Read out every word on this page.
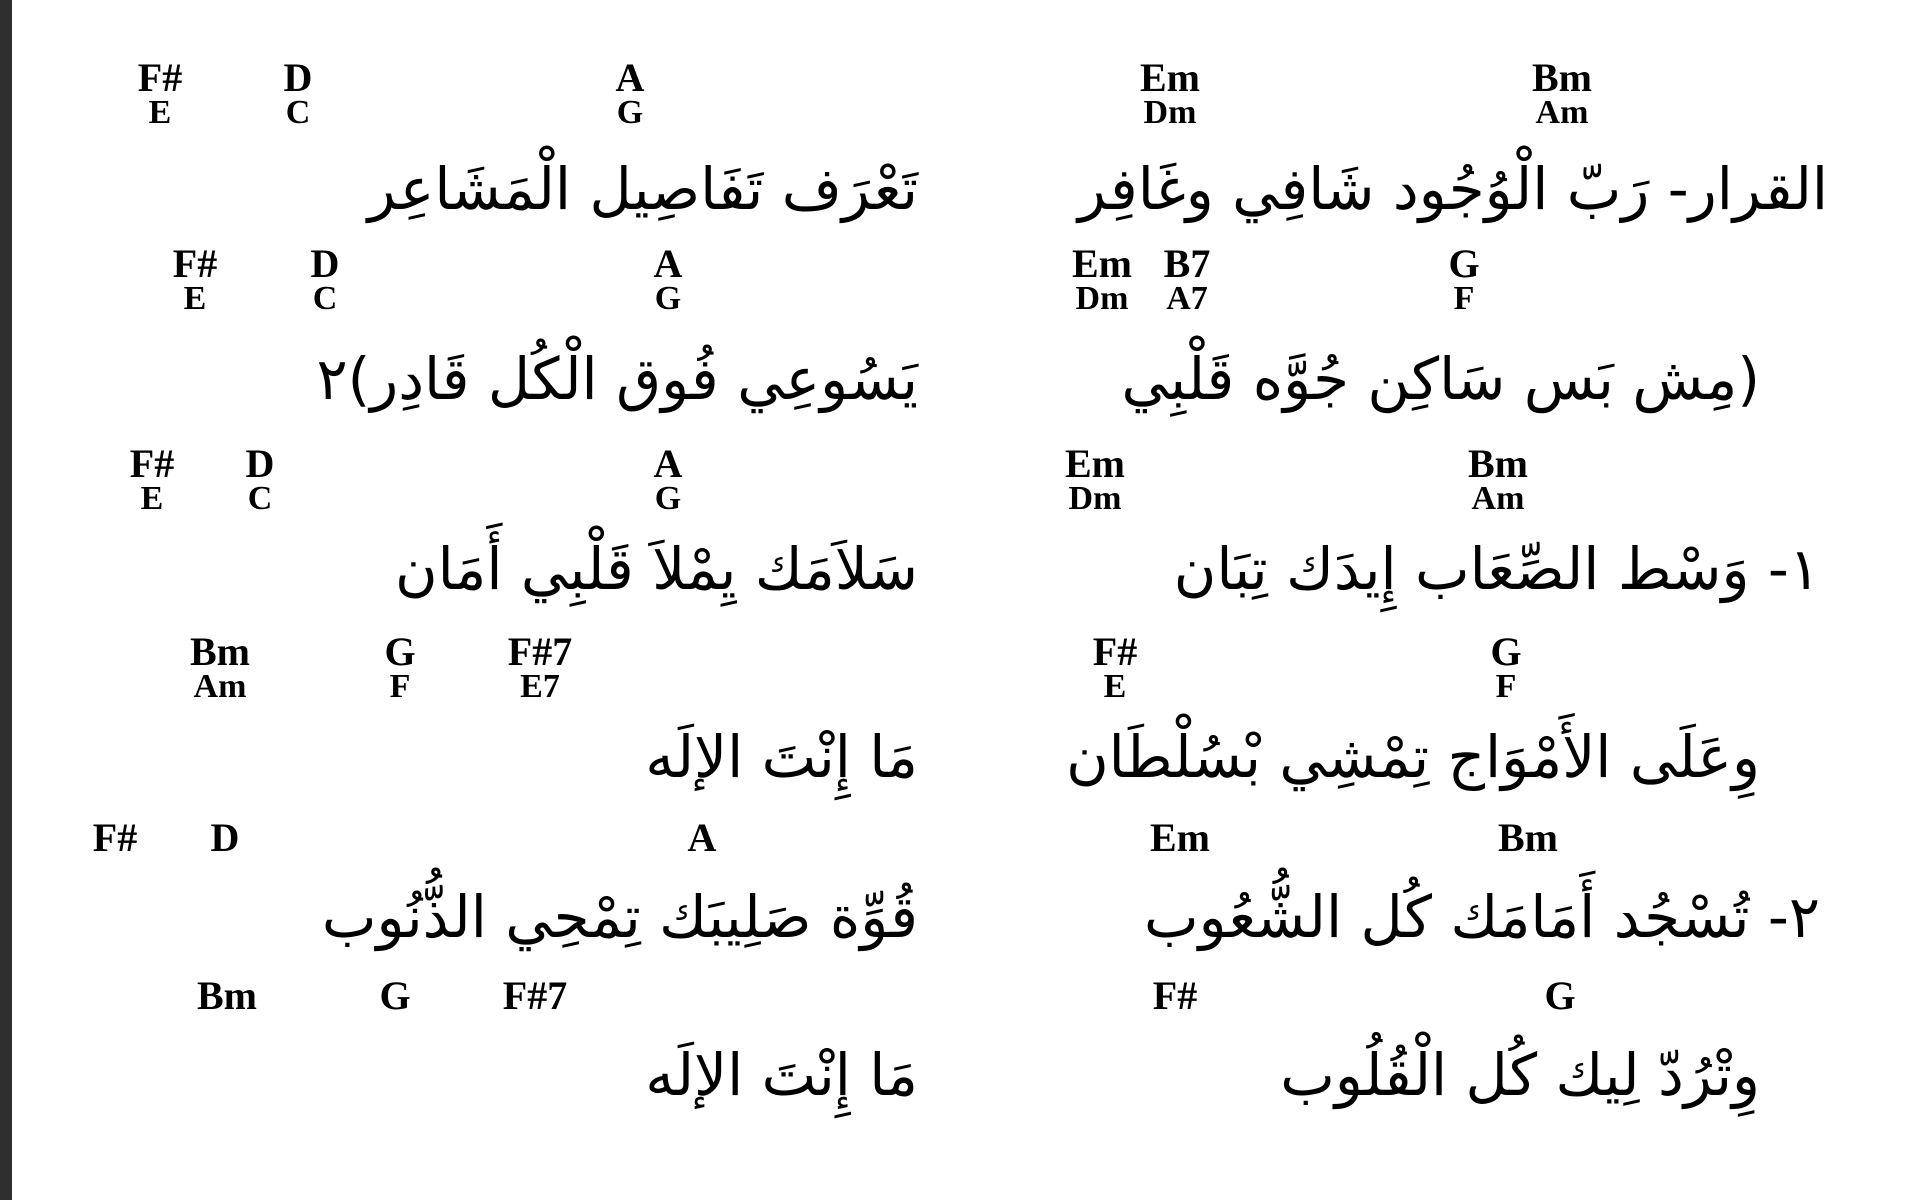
F#
E
D
C
A
G
Em
Dm
Bm
Am
القرار- رَبّ الْوُجُود شَافِي وغَافِر
تَعْرَف تَفَاصِيل الْمَشَاعِر
F#
E
D
C
A
G
Em
Dm
B7
A7
G
F
(مِش بَس سَاكِن جُوَّه قَلْبِي
يَسُوعِي فُوق الْكُل قَادِر)٢
F#
E
D
C
A
G
Em
Dm
Bm
Am
١- وَسْط الصِّعَاب إِيدَك تِبَان
سَلاَمَك يِمْلاَ قَلْبِي أَمَان
Bm
Am
G
F
F#7
E7
F#
E
G
F
وِعَلَى الأَمْوَاج تِمْشِي بْسُلْطَان
مَا إِنْتَ الإلَه
F#	D	A	Em	Bm
٢- تُسْجُد أَمَامَك كُل الشُّعُوب
قُوِّة صَلِيبَك تِمْحِي الذُّنُوب
Bm	G	F#7	F#	G
وِتْرُدّ لِيك كُل الْقُلُوب
مَا إِنْتَ الإلَه
